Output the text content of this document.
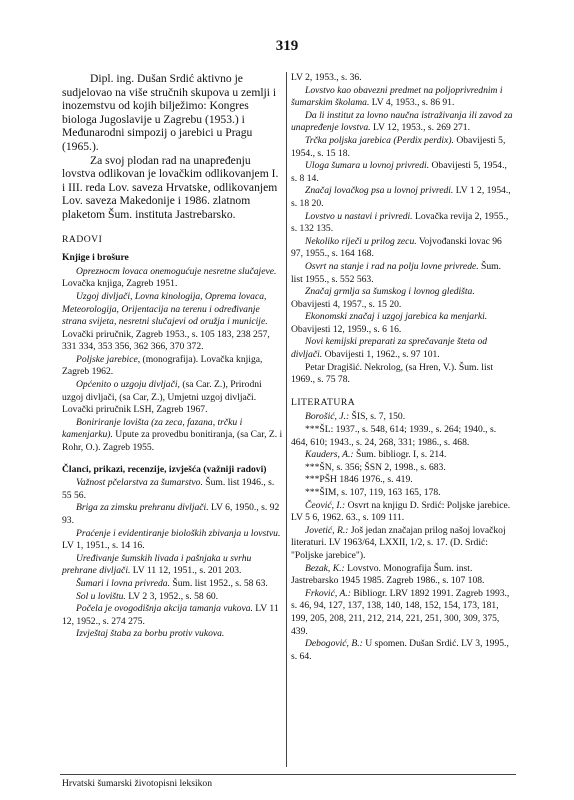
319

Dipl. ing. Dušan Srdić aktivno je sudjelovao na više stručnih skupova u zemlji i inozemstvu od kojih bilježimo: Kongres biologa Jugoslavije u Zagrebu (1953.) i Međunarodni simpozij o jarebici u Pragu (1965.).

Za svoj plodan rad na unapređenju lovstva odlikovan je lovačkim odlikovanjem I. i III. reda Lov. saveza Hrvatske, odlikovanjem Lov. saveza Makedonije i 1986. zlatnom plaketom Šum. instituta Jastrebarsko.

RADOVI
Knjige i brošure

Oprezност lovaca onemogućuje nesretne slučajeve. Lovačka knjiga, Zagreb 1951.

Uzgoj divljači, Lovna kinologija, Oprema lovaca, Meteorologija, Orijentacija na terenu i određivanje strana svijeta, nesretni slučajevi od oružja i municije. Lovački priručnik, Zagreb 1953., s. 105 183, 238 257, 331 334, 353 356, 362 366, 370 372.

Poljske jarebice, (monografija). Lovačka knjiga, Zagreb 1962.

Općenito o uzgoju divljači, (sa Car. Z.), Prirodni uzgoj divljači, (sa Car, Z.), Umjetni uzgoj divljači. Lovački priručnik LSH, Zagreb 1967.

Boniriranje lovišta (za zeca, fazana, trčku i kamenjarku). Upute za provedbu bonitiranja, (sa Car, Z. i Rohr, O.). Zagreb 1955.

Članci, prikazi, recenzije, izvješća (važniji radovi)

Važnost pčelarstva za šumarstvo. Šum. list 1946., s. 55 56.

Briga za zimsku prehranu divljači. LV 6, 1950., s. 92 93.

Praćenje i evidentiranje bioloških zbivanja u lovstvu. LV 1, 1951., s. 14 16.

Uređivanje šumskih livada i pašnjaka u svrhu prehrane divljači. LV 11 12, 1951., s. 201 203.

Šumari i lovna privreda. Šum. list 1952., s. 58 63.

Sol u lovištu. LV 2 3, 1952., s. 58 60.

Počela je ovogodišnja akcija tamanja vukova. LV 11 12, 1952., s. 274 275.

Izvještaj štaba za borbu protiv vukova.

LV 2, 1953., s. 36.

Lovstvo kao obavezni predmet na poljoprivrednim i šumarskim školama. LV 4, 1953., s. 86 91.

Da li institut za lovno naučna istraživanja ili zavod za unapređenje lovstva. LV 12, 1953., s. 269 271.

Trčka poljska jarebica (Perdix perdix). Obavijesti 5, 1954., s. 15 18.

Uloga šumara u lovnoj privredi. Obavijesti 5, 1954., s. 8 14.

Značaj lovačkog psa u lovnoj privredi. LV 1 2, 1954., s. 18 20.

Lovstvo u nastavi i privredi. Lovačka revija 2, 1955., s. 132 135.

Nekoliko riječi u prilog zecu. Vojvođanski lovac 96 97, 1955., s. 164 168.

Osvrt na stanje i rad na polju lovne privrede. Šum. list 1955., s. 552 563.

Značaj grmlja sa šumskog i lovnog gledišta. Obavijesti 4, 1957., s. 15 20.

Ekonomski značaj i uzgoj jarebica ka menjarki. Obavijesti 12, 1959., s. 6 16.

Novi kemijski preparati za sprečavanje šteta od divljači. Obavijesti 1, 1962., s. 97 101.

Petar Dragišić. Nekrolog, (sa Hren, V.). Šum. list 1969., s. 75 78.

LITERATURA

Borošić, J.: ŠIS, s. 7, 150.

***ŠL: 1937., s. 548, 614; 1939., s. 264; 1940., s. 464, 610; 1943., s. 24, 268, 331; 1986., s. 468.

Kauders, A.: Šum. bibliogr. I, s. 214.

***ŠN, s. 356; ŠSN 2, 1998., s. 683.

***PŠH 1846 1976., s. 419.

***ŠIM, s. 107, 119, 163 165, 178.

Čeović, I.: Osvrt na knjigu D. Srdić: Poljske jarebice. LV 5 6, 1962. 63., s. 109 111.

Jovetić, R.: Još jedan značajan prilog našoj lovačkoj literaturi. LV 1963/64, LXXII, 1/2, s. 17. (D. Srdić: "Poljske jarebice").

Bezak, K.: Lovstvo. Monografija Šum. inst. Jastrebarsko 1945 1985. Zagreb 1986., s. 107 108.

Frković, A.: Bibliogr. LRV 1892 1991. Zagreb 1993., s. 46, 94, 127, 137, 138, 140, 148, 152, 154, 173, 181, 199, 205, 208, 211, 212, 214, 221, 251, 300, 309, 375, 439.

Debogović, B.: U spomen. Dušan Srdić. LV 3, 1995., s. 64.

Hrvatski šumarski životopisni leksikon
